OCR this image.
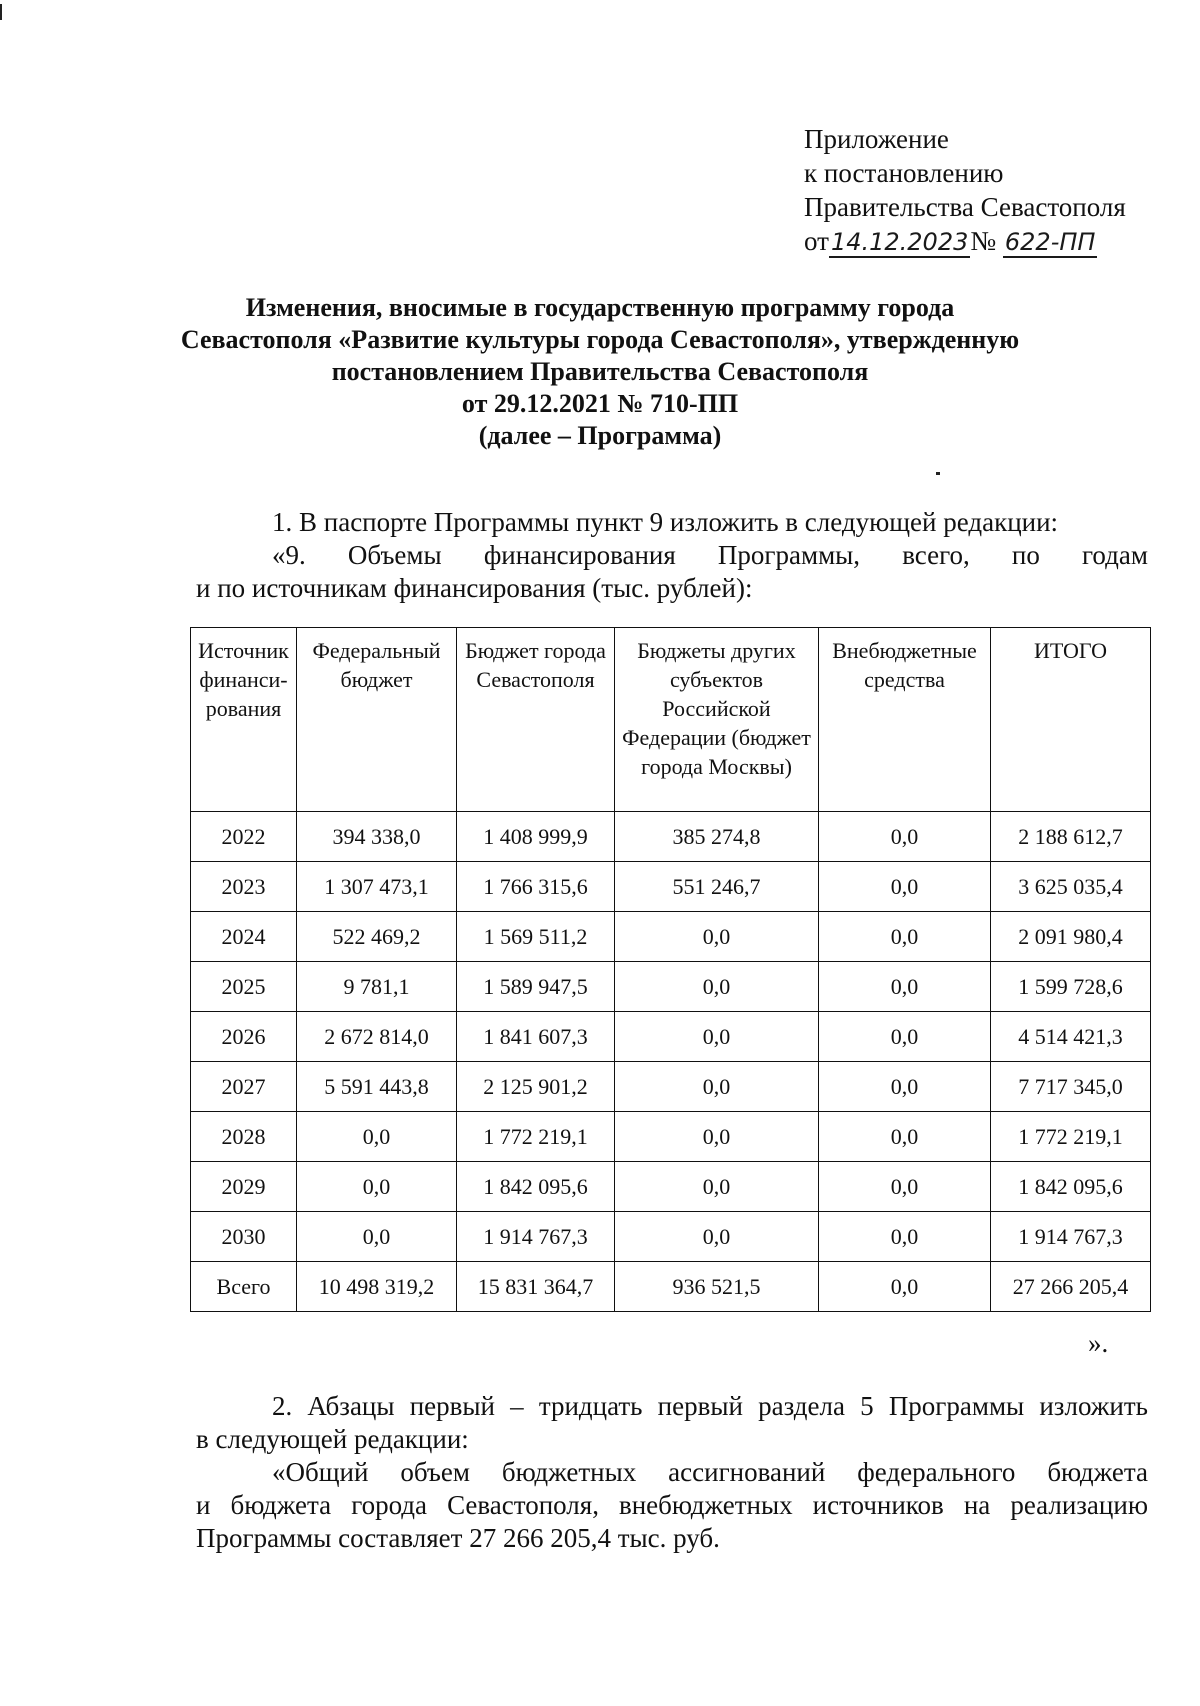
Приложение
к постановлению
Правительства Севастополя
от14.12.2023№ 622-ПП
Изменения, вносимые в государственную программу города
Севастополя «Развитие культуры города Севастополя», утвержденную
постановлением Правительства Севастополя
от 29.12.2021 № 710-ПП
(далее – Программа)
1. В паспорте Программы пункт 9 изложить в следующей редакции:
«9. Объемы финансирования Программы, всего, по годам
и по источникам финансирования (тыс. рублей):
Источник финанси- рования	Федеральный бюджет	Бюджет города Севастополя	Бюджеты других субъектов Российской Федерации (бюджет города Москвы)	Внебюджетные средства	ИТОГО
2022	394 338,0	1 408 999,9	385 274,8	0,0	2 188 612,7
2023	1 307 473,1	1 766 315,6	551 246,7	0,0	3 625 035,4
2024	522 469,2	1 569 511,2	0,0	0,0	2 091 980,4
2025	9 781,1	1 589 947,5	0,0	0,0	1 599 728,6
2026	2 672 814,0	1 841 607,3	0,0	0,0	4 514 421,3
2027	5 591 443,8	2 125 901,2	0,0	0,0	7 717 345,0
2028	0,0	1 772 219,1	0,0	0,0	1 772 219,1
2029	0,0	1 842 095,6	0,0	0,0	1 842 095,6
2030	0,0	1 914 767,3	0,0	0,0	1 914 767,3
Всего	10 498 319,2	15 831 364,7	936 521,5	0,0	27 266 205,4
».
2. Абзацы первый – тридцать первый раздела 5 Программы изложить
в следующей редакции:
«Общий объем бюджетных ассигнований федерального бюджета
и бюджета города Севастополя, внебюджетных источников на реализацию
Программы составляет 27 266 205,4 тыс. руб.
